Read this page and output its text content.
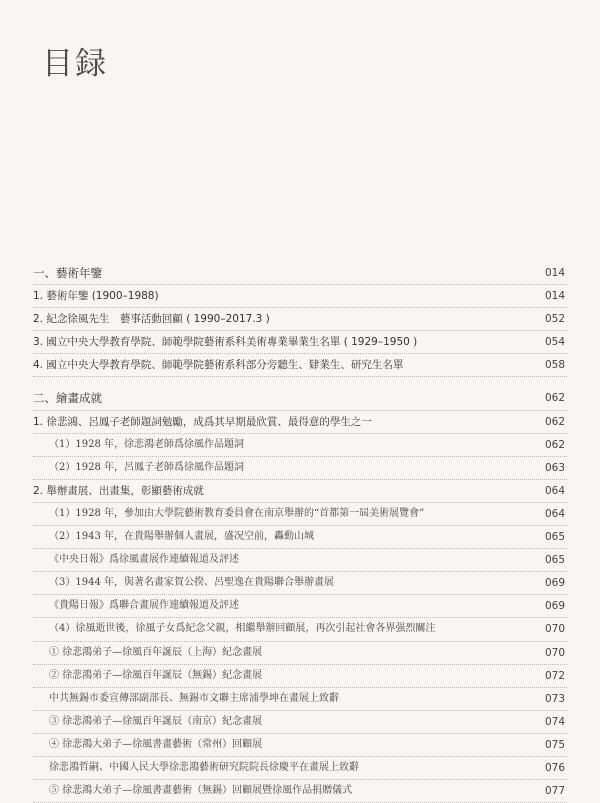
目録
一、藝術年鑒	014
1. 藝術年鑒 (1900–1988)	014
2. 紀念徐風先生　藝事活動回顧 ( 1990–2017.3 )	052
3. 國立中央大學教育學院、師範學院藝術系科美術專業畢業生名單 ( 1929–1950 )	054
4. 國立中央大學教育學院、師範學院藝術系科部分旁聽生、肄業生、研究生名單	058
二、繪畫成就	062
1. 徐悲鴻、呂鳳子老師題詞勉勵，成爲其早期最欣賞、最得意的學生之一	062
（1）1928 年，徐悲鴻老師爲徐風作品題詞	062
（2）1928 年，呂鳳子老師爲徐風作品題詞	063
2. 舉辦畫展、出畫集，彰顯藝術成就	064
（1）1928 年，參加由大學院藝術教育委員會在南京舉辦的“首都第一屆美術展覽會”	064
（2）1943 年，在貴陽舉辦個人畫展，盛况空前，轟動山城	065
《中央日報》爲徐風畫展作連續報道及評述	065
（3）1944 年，與著名畫家賀公揆、呂聖逸在貴陽聯合舉辦畫展	069
《貴陽日報》爲聯合畫展作連續報道及評述	069
（4）徐風逝世後，徐風子女爲紀念父親，相繼舉辦回顧展，再次引起社會各界强烈關注	070
① 徐悲鴻弟子—徐風百年誕辰（上海）紀念畫展	070
② 徐悲鴻弟子—徐風百年誕辰（無錫）紀念畫展	072
中共無錫市委宣傳部副部長、無錫市文聯主席浦學坤在畫展上致辭	073
③ 徐悲鴻弟子—徐風百年誕辰（南京）紀念畫展	074
④ 徐悲鴻大弟子—徐風書畫藝術（常州）回顧展	075
徐悲鴻哲嗣、中國人民大學徐悲鴻藝術研究院院長徐慶平在畫展上致辭	076
⑤ 徐悲鴻大弟子—徐風書畫藝術（無錫）回顧展暨徐風作品捐贈儀式	077
